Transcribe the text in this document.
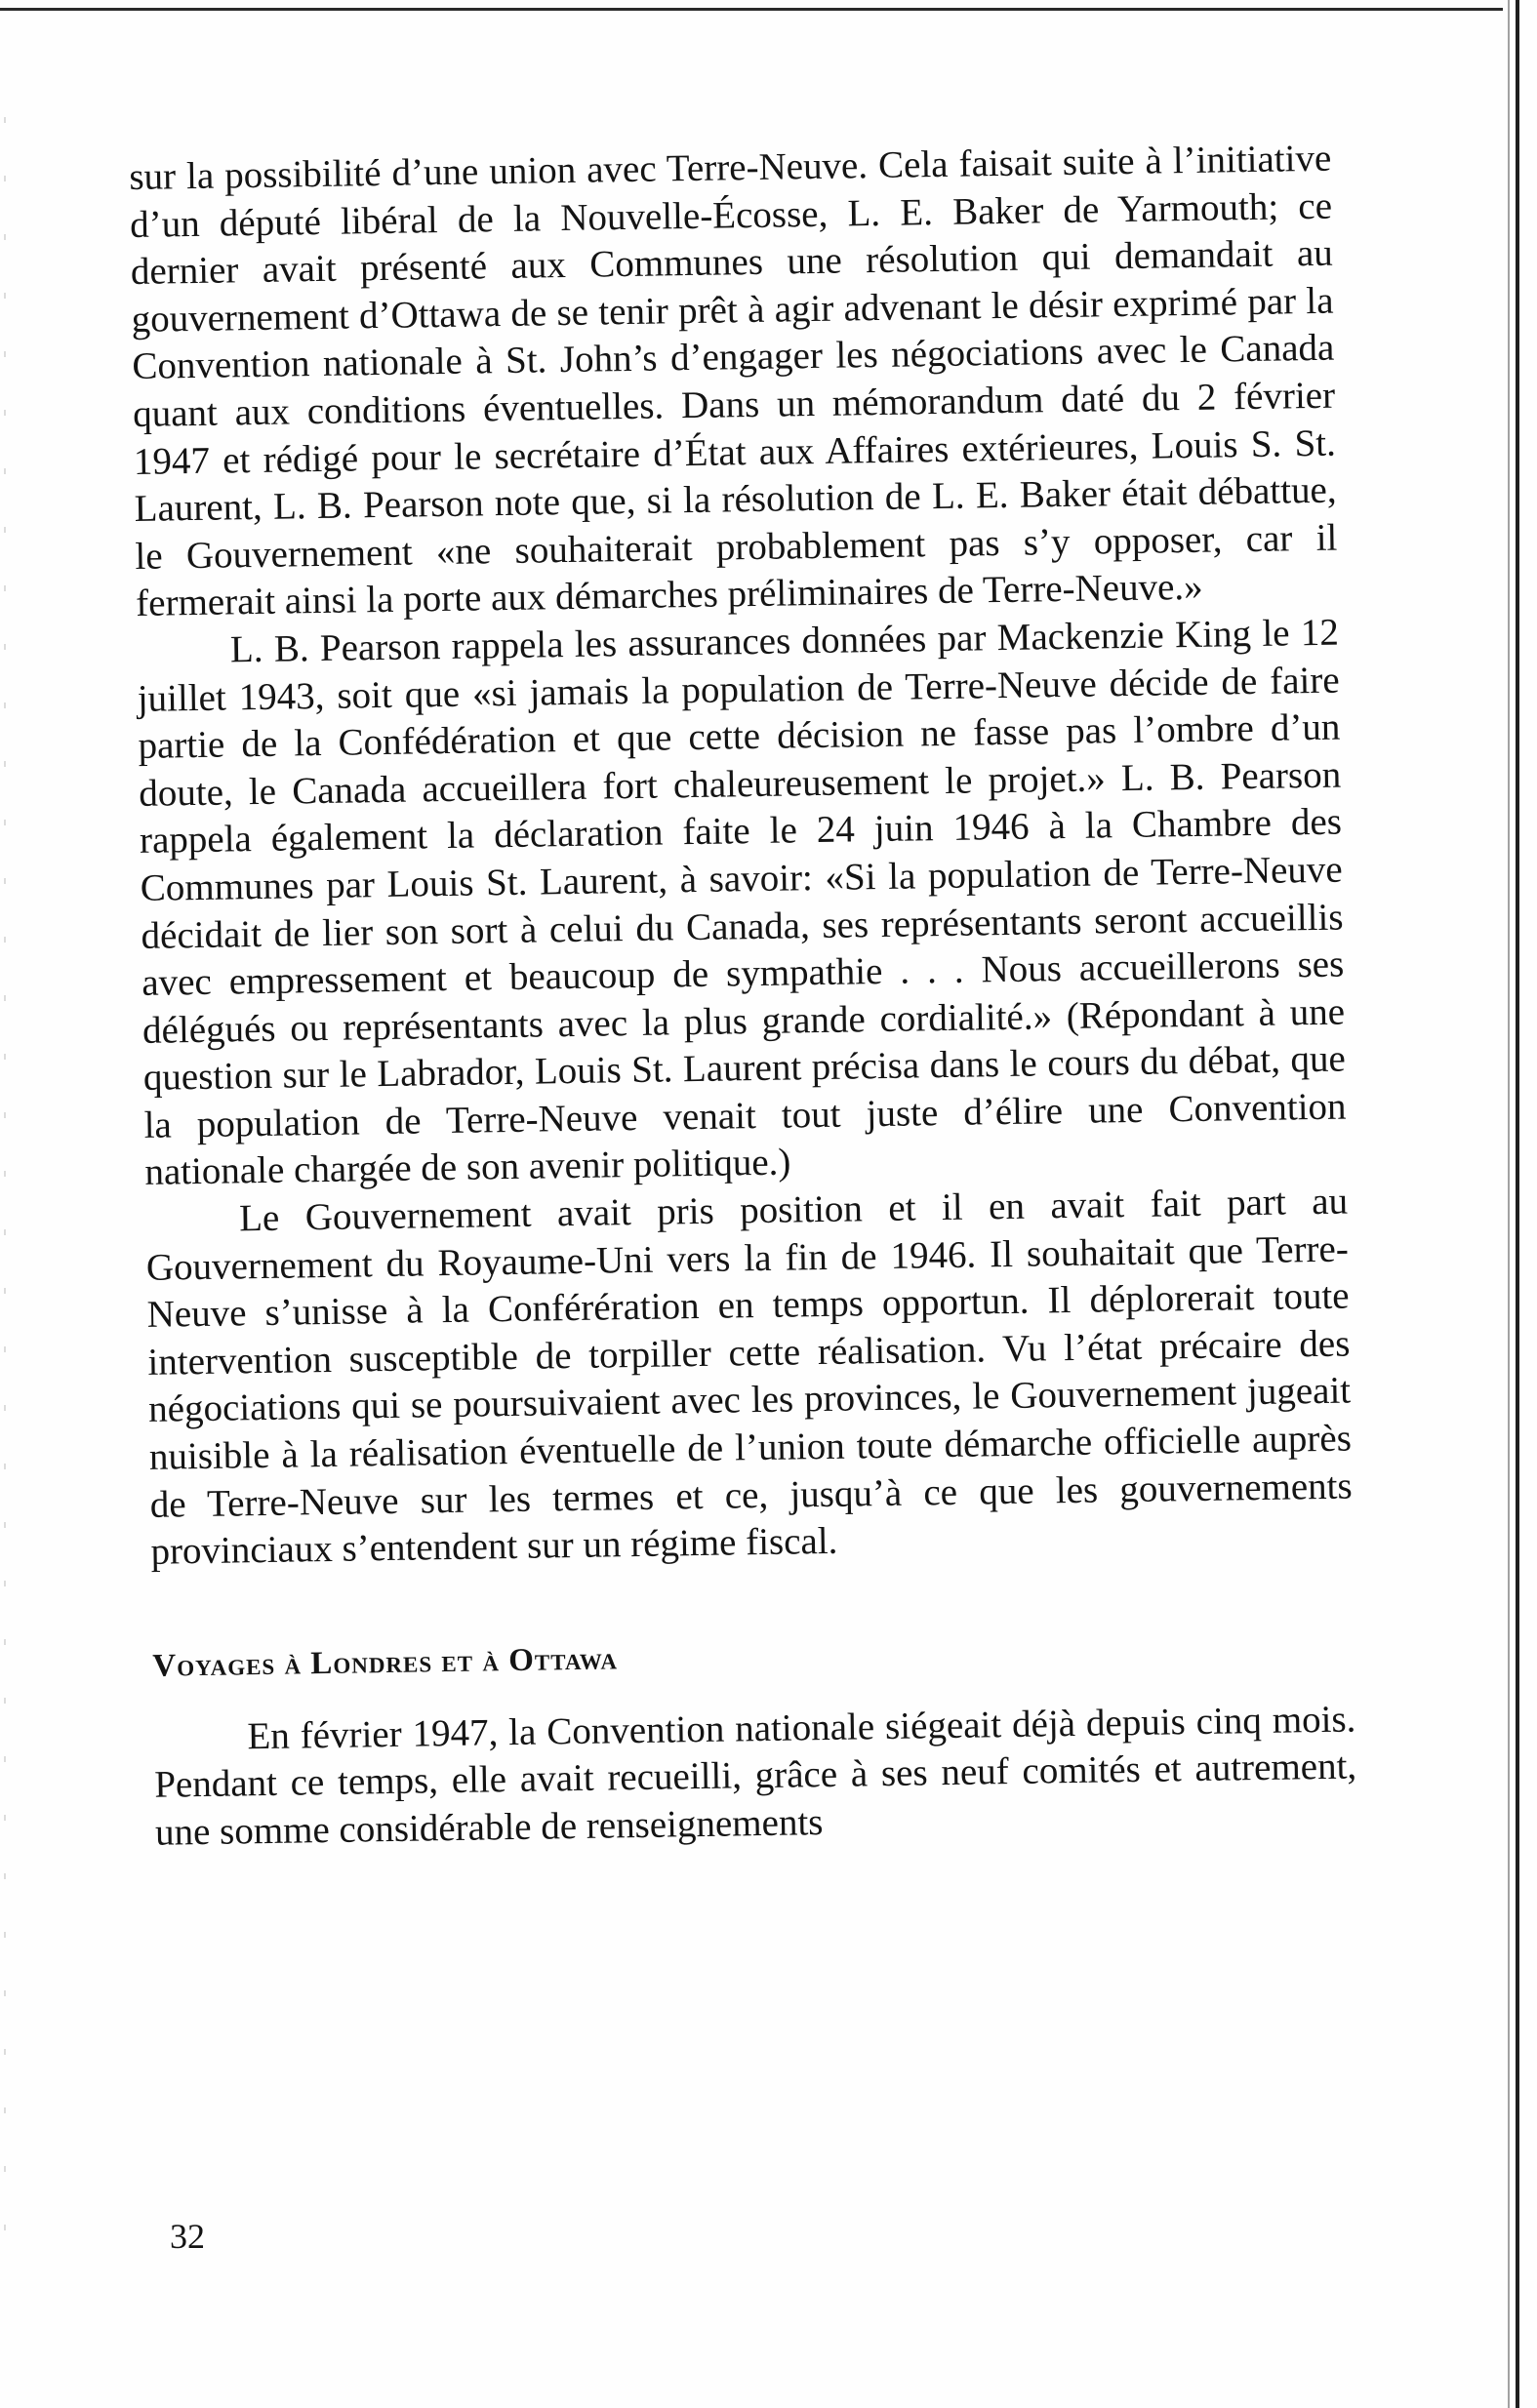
sur la possibilité d’une union avec Terre-Neuve. Cela faisait suite à l’initiative d’un député libéral de la Nouvelle-Écosse, L. E. Baker de Yarmouth; ce dernier avait présenté aux Communes une résolution qui demandait au gouvernement d’Ottawa de se tenir prêt à agir advenant le désir exprimé par la Convention nationale à St. John’s d’engager les négociations avec le Canada quant aux conditions éventuelles. Dans un mémorandum daté du 2 février 1947 et rédigé pour le secrétaire d’État aux Affaires extérieures, Louis S. St. Laurent, L. B. Pearson note que, si la résolution de L. E. Baker était débattue, le Gouvernement «ne souhaiterait probablement pas s’y opposer, car il fermerait ainsi la porte aux démarches préliminaires de Terre-Neuve.»

L. B. Pearson rappela les assurances données par Mackenzie King le 12 juillet 1943, soit que «si jamais la population de Terre-Neuve décide de faire partie de la Confédération et que cette décision ne fasse pas l’ombre d’un doute, le Canada accueillera fort chaleureusement le projet.» L. B. Pearson rappela également la déclaration faite le 24 juin 1946 à la Chambre des Communes par Louis St. Laurent, à savoir: «Si la population de Terre-Neuve décidait de lier son sort à celui du Canada, ses représentants seront accueillis avec empressement et beaucoup de sympathie . . . Nous accueillerons ses délégués ou représentants avec la plus grande cordialité.» (Répondant à une question sur le Labrador, Louis St. Laurent précisa dans le cours du débat, que la population de Terre-Neuve venait tout juste d’élire une Convention nationale chargée de son avenir politique.)

Le Gouvernement avait pris position et il en avait fait part au Gouvernement du Royaume-Uni vers la fin de 1946. Il souhaitait que Terre-Neuve s’unisse à la Conférération en temps opportun. Il déplorerait toute intervention susceptible de torpiller cette réalisation. Vu l’état précaire des négociations qui se poursuivaient avec les provinces, le Gouvernement jugeait nuisible à la réalisation éventuelle de l’union toute démarche officielle auprès de Terre-Neuve sur les termes et ce, jusqu’à ce que les gouvernements provinciaux s’entendent sur un régime fiscal.

Voyages à Londres et à Ottawa

En février 1947, la Convention nationale siégeait déjà depuis cinq mois. Pendant ce temps, elle avait recueilli, grâce à ses neuf comités et autrement, une somme considérable de renseignements

32
